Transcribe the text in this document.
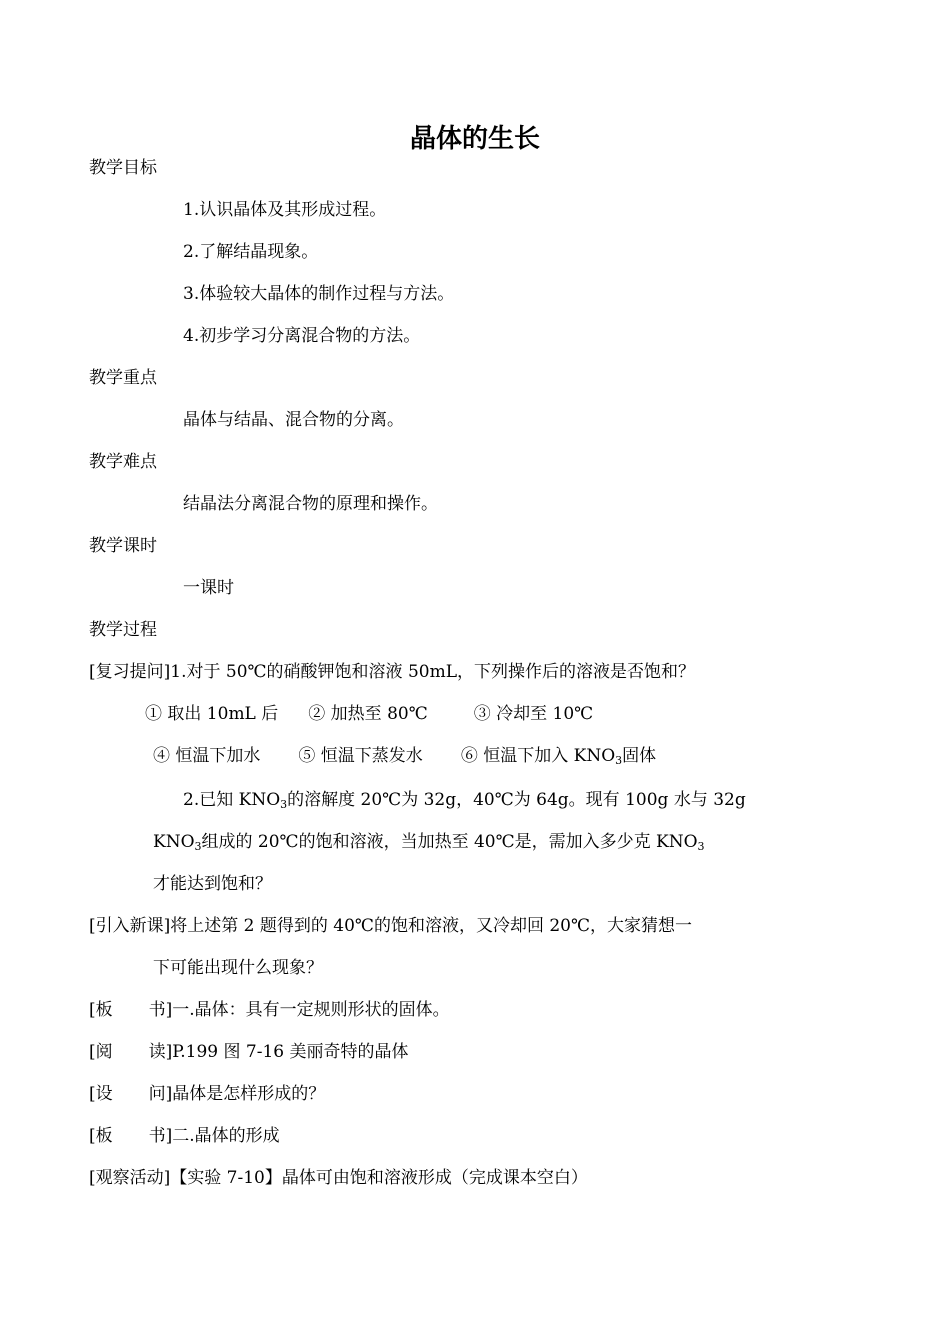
晶体的生长
教学目标
1.认识晶体及其形成过程。
2.了解结晶现象。
3.体验较大晶体的制作过程与方法。
4.初步学习分离混合物的方法。
教学重点
晶体与结晶、混合物的分离。
教学难点
结晶法分离混合物的原理和操作。
教学课时
一课时
教学过程
[复习提问]1.对于 50℃的硝酸钾饱和溶液 50mL，下列操作后的溶液是否饱和？
① 取出 10mL 后 ② 加热至 80℃	③ 冷却至 10℃
④ 恒温下加水 ⑤ 恒温下蒸发水 ⑥ 恒温下加入 $KNO_3$固体
2.已知 $KNO_3$的溶解度 20℃为 32g，40℃为 64g。现有 100g 水与 32g
$KNO_3$组成的 20℃的饱和溶液，当加热至 40℃是，需加入多少克 $KNO_3$
才能达到饱和？
[引入新课]将上述第 2 题得到的 40℃的饱和溶液，又冷却回 20℃，大家猜想一
下可能出现什么现象？
[板 书]一.晶体：具有一定规则形状的固体。
[阅 读]P.199 图 7-16 美丽奇特的晶体
[设 问]晶体是怎样形成的？
[板 书]二.晶体的形成
[观察活动]【实验 7-10】晶体可由饱和溶液形成（完成课本空白）
